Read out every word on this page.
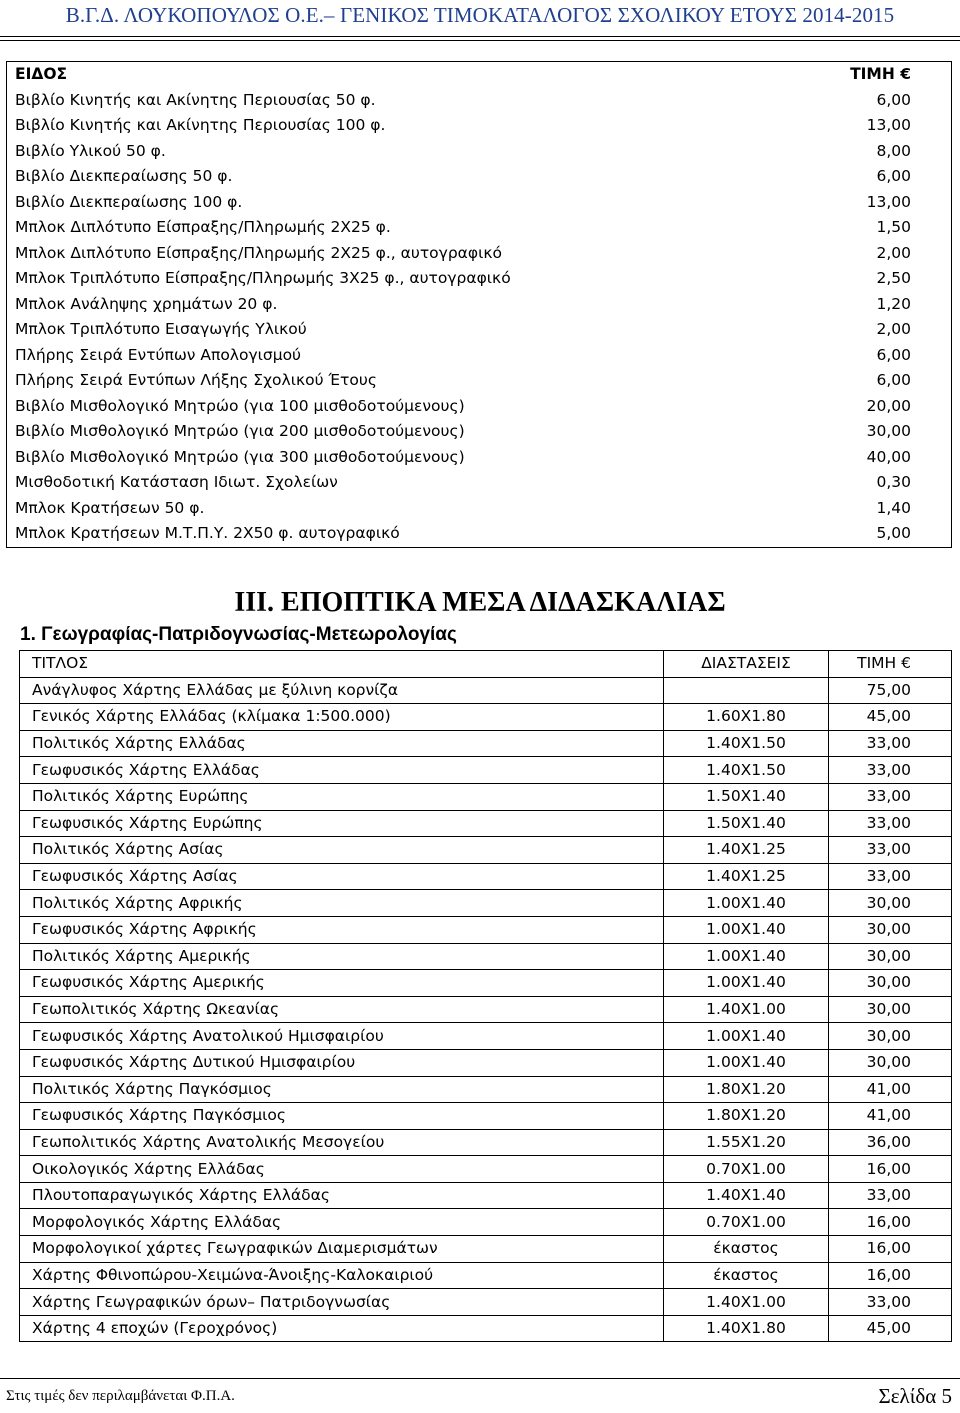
Β.Γ.Δ. ΛΟΥΚΟΠΟΥΛΟΣ Ο.Ε.– ΓΕΝΙΚΟΣ ΤΙΜΟΚΑΤΑΛΟΓΟΣ ΣΧΟΛΙΚΟΥ ΕΤΟΥΣ 2014-2015
ΕΙΔΟΣ	ΤΙΜΗ €
Βιβλίο Κινητής και Ακίνητης Περιουσίας 50 φ.	6,00
Βιβλίο Κινητής και Ακίνητης Περιουσίας 100 φ.	13,00
Βιβλίο Υλικού 50 φ.	8,00
Βιβλίο Διεκπεραίωσης 50 φ.	6,00
Βιβλίο Διεκπεραίωσης 100 φ.	13,00
Μπλοκ Διπλότυπο Είσπραξης/Πληρωμής 2Χ25 φ.	1,50
Μπλοκ Διπλότυπο Είσπραξης/Πληρωμής 2Χ25 φ., αυτογραφικό	2,00
Μπλοκ Τριπλότυπο Είσπραξης/Πληρωμής 3Χ25 φ., αυτογραφικό	2,50
Μπλοκ Ανάληψης χρημάτων 20 φ.	1,20
Μπλοκ Τριπλότυπο Εισαγωγής Υλικού	2,00
Πλήρης Σειρά Εντύπων Απολογισμού	6,00
Πλήρης Σειρά Εντύπων Λήξης Σχολικού Έτους	6,00
Βιβλίο Μισθολογικό Μητρώο (για 100 μισθοδοτούμενους)	20,00
Βιβλίο Μισθολογικό Μητρώο (για 200 μισθοδοτούμενους)	30,00
Βιβλίο Μισθολογικό Μητρώο (για 300 μισθοδοτούμενους)	40,00
Μισθοδοτική Κατάσταση Ιδιωτ. Σχολείων	0,30
Μπλοκ Κρατήσεων 50 φ.	1,40
Μπλοκ Κρατήσεων Μ.Τ.Π.Υ. 2Χ50 φ. αυτογραφικό	5,00
ΙΙΙ. ΕΠΟΠΤΙΚΑ ΜΕΣΑ ΔΙΔΑΣΚΑΛΙΑΣ
1. Γεωγραφίας-Πατριδογνωσίας-Μετεωρολογίας
ΤΙΤΛΟΣ	ΔΙΑΣΤΑΣΕΙΣ	ΤΙΜΗ €
Ανάγλυφος Χάρτης Ελλάδας με ξύλινη κορνίζα		75,00
Γενικός Χάρτης Ελλάδας (κλίμακα 1:500.000)	1.60Χ1.80	45,00
Πολιτικός Χάρτης Ελλάδας	1.40Χ1.50	33,00
Γεωφυσικός Χάρτης Ελλάδας	1.40Χ1.50	33,00
Πολιτικός Χάρτης Ευρώπης	1.50Χ1.40	33,00
Γεωφυσικός Χάρτης Ευρώπης	1.50Χ1.40	33,00
Πολιτικός Χάρτης Ασίας	1.40Χ1.25	33,00
Γεωφυσικός Χάρτης Ασίας	1.40Χ1.25	33,00
Πολιτικός Χάρτης Αφρικής	1.00Χ1.40	30,00
Γεωφυσικός Χάρτης Αφρικής	1.00Χ1.40	30,00
Πολιτικός Χάρτης Αμερικής	1.00Χ1.40	30,00
Γεωφυσικός Χάρτης Αμερικής	1.00Χ1.40	30,00
Γεωπολιτικός Χάρτης Ωκεανίας	1.40Χ1.00	30,00
Γεωφυσικός Χάρτης Ανατολικού Ημισφαιρίου	1.00Χ1.40	30,00
Γεωφυσικός Χάρτης Δυτικού Ημισφαιρίου	1.00Χ1.40	30,00
Πολιτικός Χάρτης Παγκόσμιος	1.80Χ1.20	41,00
Γεωφυσικός Χάρτης Παγκόσμιος	1.80Χ1.20	41,00
Γεωπολιτικός Χάρτης Ανατολικής Μεσογείου	1.55Χ1.20	36,00
Οικολογικός Χάρτης Ελλάδας	0.70Χ1.00	16,00
Πλουτοπαραγωγικός Χάρτης Ελλάδας	1.40Χ1.40	33,00
Μορφολογικός Χάρτης Ελλάδας	0.70Χ1.00	16,00
Μορφολογικοί χάρτες Γεωγραφικών Διαμερισμάτων	έκαστος	16,00
Χάρτης Φθινοπώρου-Χειμώνα-Άνοιξης-Καλοκαιριού	έκαστος	16,00
Χάρτης Γεωγραφικών όρων– Πατριδογνωσίας	1.40Χ1.00	33,00
Χάρτης 4 εποχών (Γεροχρόνος)	1.40Χ1.80	45,00
Στις τιμές δεν περιλαμβάνεται Φ.Π.Α.	Σελίδα 5
